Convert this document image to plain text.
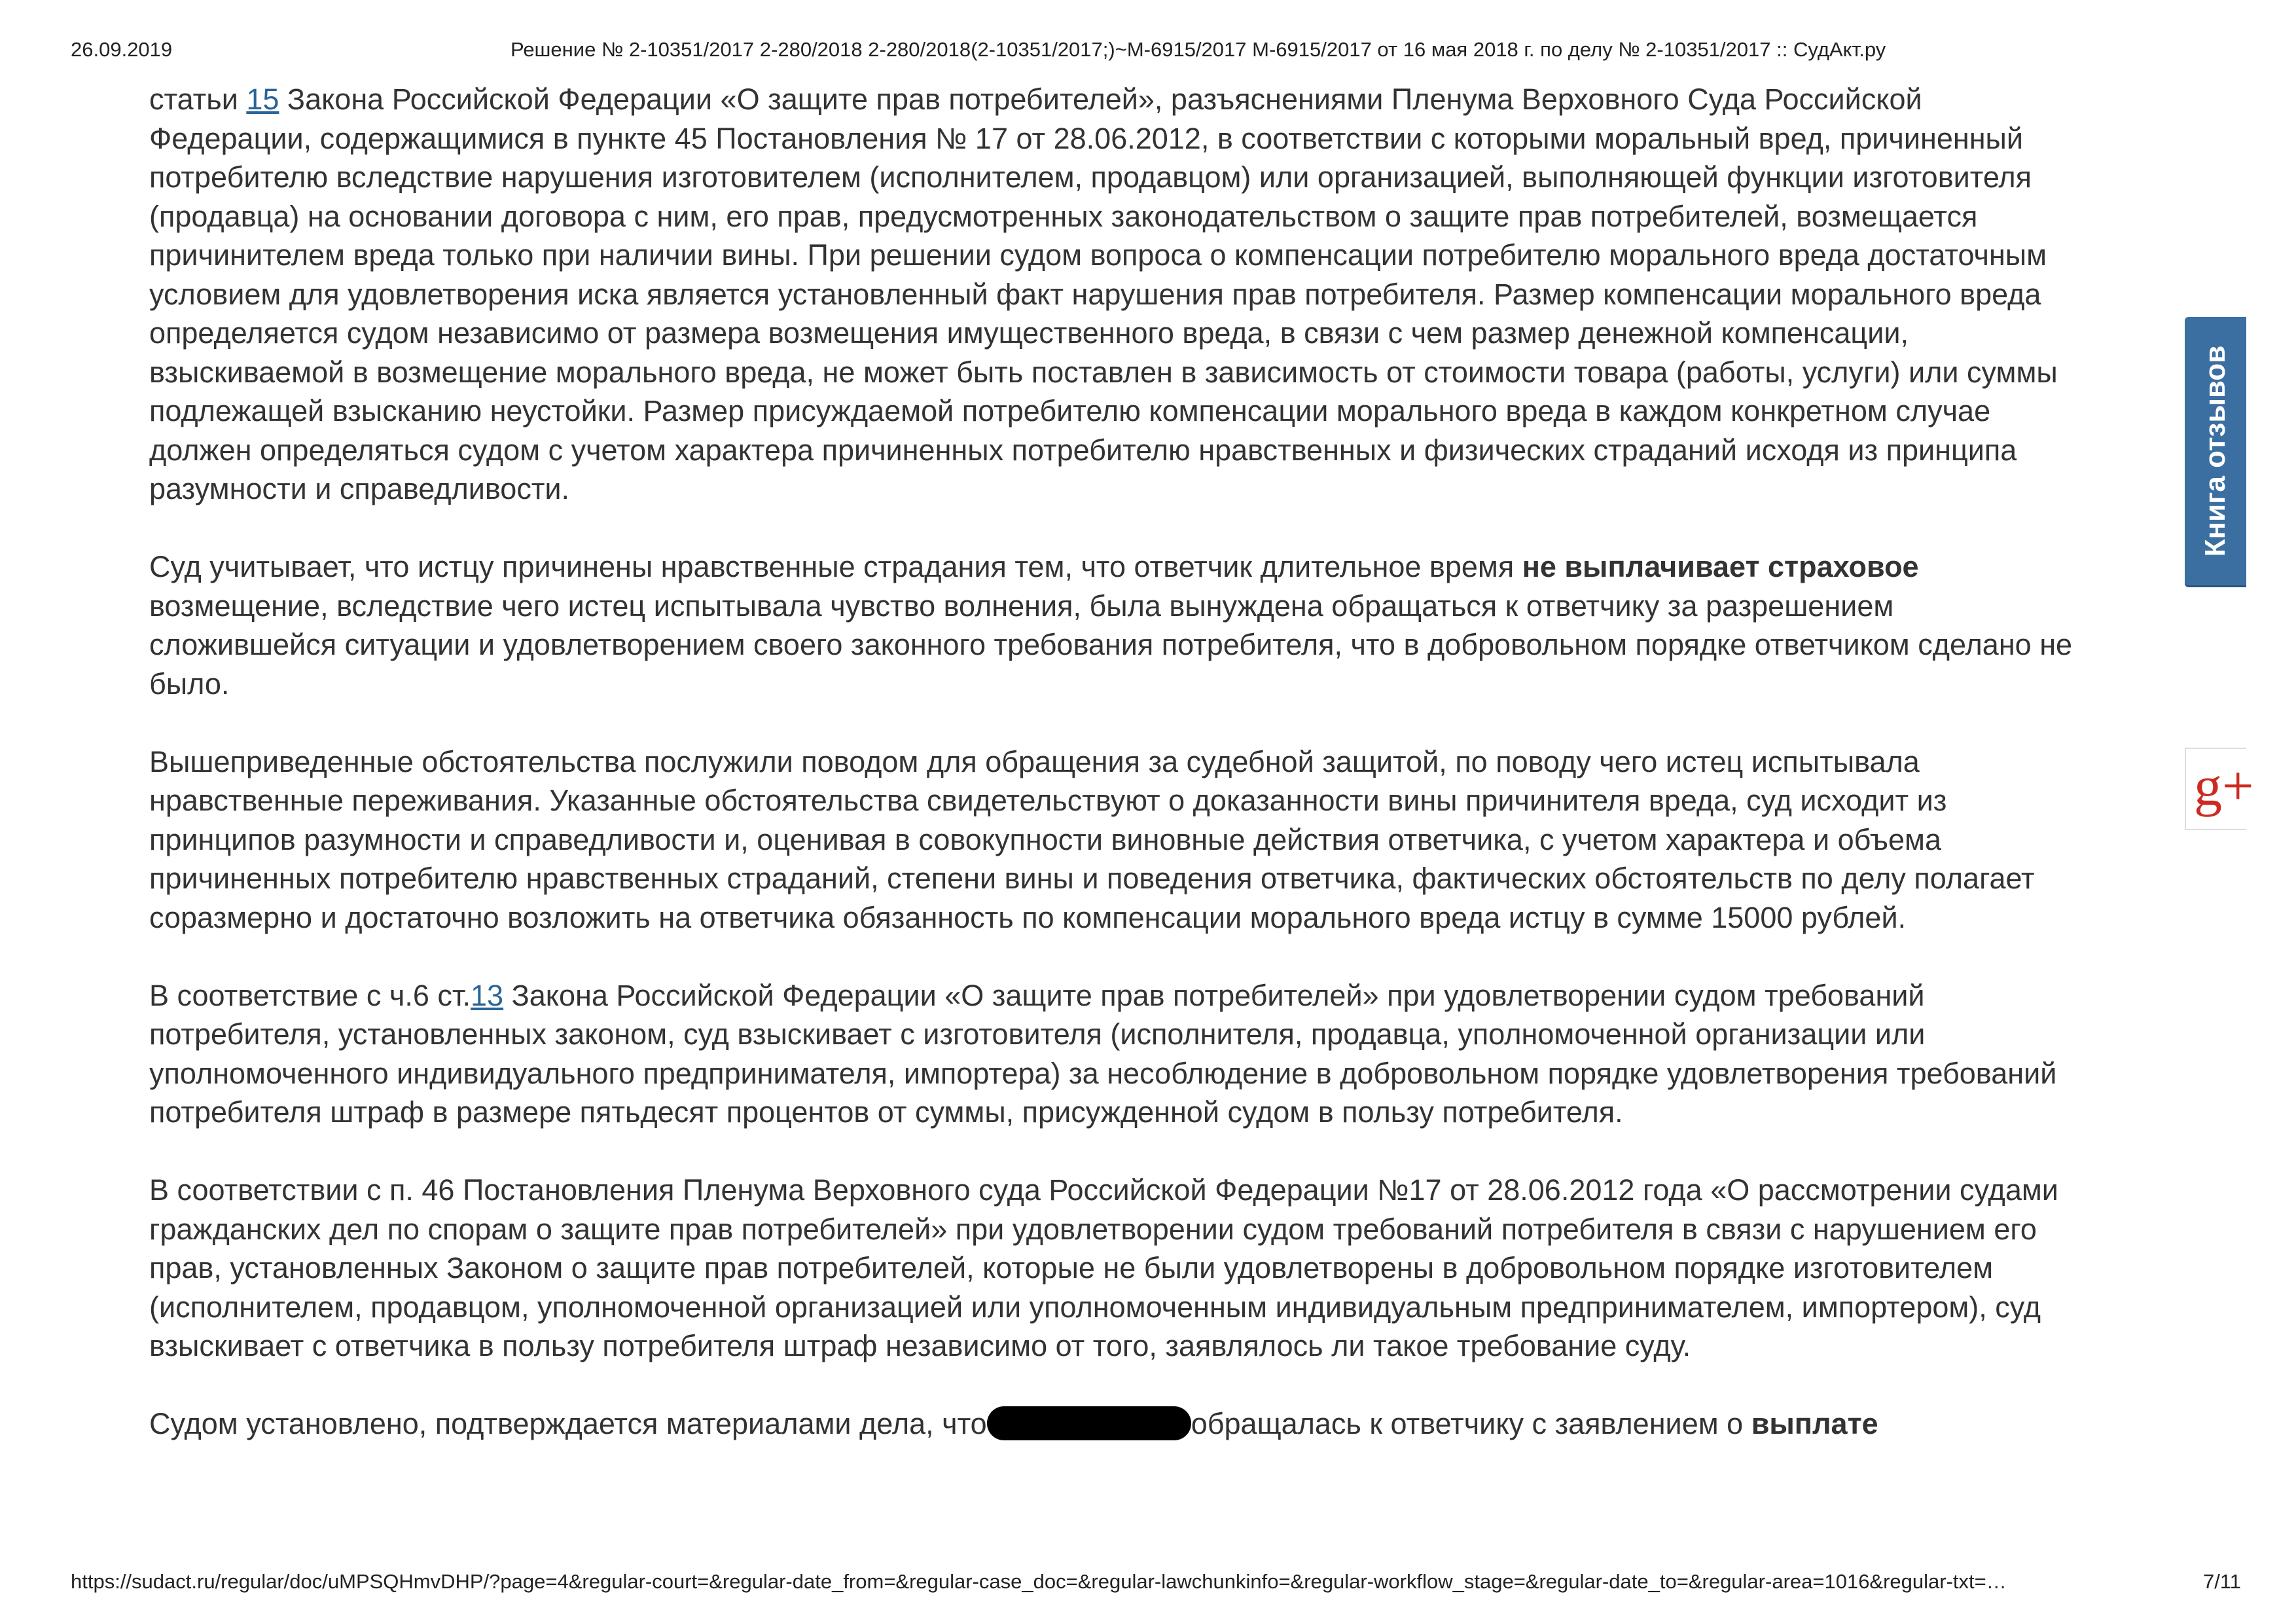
26.09.2019	Решение № 2-10351/2017 2-280/2018 2-280/2018(2-10351/2017;)~М-6915/2017 М-6915/2017 от 16 мая 2018 г. по делу № 2-10351/2017 :: СудАкт.ру

статьи 15 Закона Российской Федерации «О защите прав потребителей», разъяснениями Пленума Верховного Суда Российской Федерации, содержащимися в пункте 45 Постановления № 17 от 28.06.2012, в соответствии с которыми моральный вред, причиненный потребителю вследствие нарушения изготовителем (исполнителем, продавцом) или организацией, выполняющей функции изготовителя (продавца) на основании договора с ним, его прав, предусмотренных законодательством о защите прав потребителей, возмещается причинителем вреда только при наличии вины. При решении судом вопроса о компенсации потребителю морального вреда достаточным условием для удовлетворения иска является установленный факт нарушения прав потребителя. Размер компенсации морального вреда определяется судом независимо от размера возмещения имущественного вреда, в связи с чем размер денежной компенсации, взыскиваемой в возмещение морального вреда, не может быть поставлен в зависимость от стоимости товара (работы, услуги) или суммы подлежащей взысканию неустойки. Размер присуждаемой потребителю компенсации морального вреда в каждом конкретном случае должен определяться судом с учетом характера причиненных потребителю нравственных и физических страданий исходя из принципа разумности и справедливости.

Суд учитывает, что истцу причинены нравственные страдания тем, что ответчик длительное время не выплачивает страховое возмещение, вследствие чего истец испытывала чувство волнения, была вынуждена обращаться к ответчику за разрешением сложившейся ситуации и удовлетворением своего законного требования потребителя, что в добровольном порядке ответчиком сделано не было.

Вышеприведенные обстоятельства послужили поводом для обращения за судебной защитой, по поводу чего истец испытывала нравственные переживания. Указанные обстоятельства свидетельствуют о доказанности вины причинителя вреда, суд исходит из принципов разумности и справедливости и, оценивая в совокупности виновные действия ответчика, с учетом характера и объема причиненных потребителю нравственных страданий, степени вины и поведения ответчика, фактических обстоятельств по делу полагает соразмерно и достаточно возложить на ответчика обязанность по компенсации морального вреда истцу в сумме 15000 рублей.

В соответствие с ч.6 ст.13 Закона Российской Федерации «О защите прав потребителей» при удовлетворении судом требований потребителя, установленных законом, суд взыскивает с изготовителя (исполнителя, продавца, уполномоченной организации или уполномоченного индивидуального предпринимателя, импортера) за несоблюдение в добровольном порядке удовлетворения требований потребителя штраф в размере пятьдесят процентов от суммы, присужденной судом в пользу потребителя.

В соответствии с п. 46 Постановления Пленума Верховного суда Российской Федерации №17 от 28.06.2012 года «О рассмотрении судами гражданских дел по спорам о защите прав потребителей» при удовлетворении судом требований потребителя в связи с нарушением его прав, установленных Законом о защите прав потребителей, которые не были удовлетворены в добровольном порядке изготовителем (исполнителем, продавцом, уполномоченной организацией или уполномоченным индивидуальным предпринимателем, импортером), суд взыскивает с ответчика в пользу потребителя штраф независимо от того, заявлялось ли такое требование суду.

Судом установлено, подтверждается материалами дела, что	обращалась к ответчику с заявлением о выплате

Книга отзывов
g+
https://sudact.ru/regular/doc/uMPSQHmvDHP/?page=4&regular-court=&regular-date_from=&regular-case_doc=&regular-lawchunkinfo=&regular-workflow_stage=&regular-date_to=&regular-area=1016&regular-txt=…	7/11
